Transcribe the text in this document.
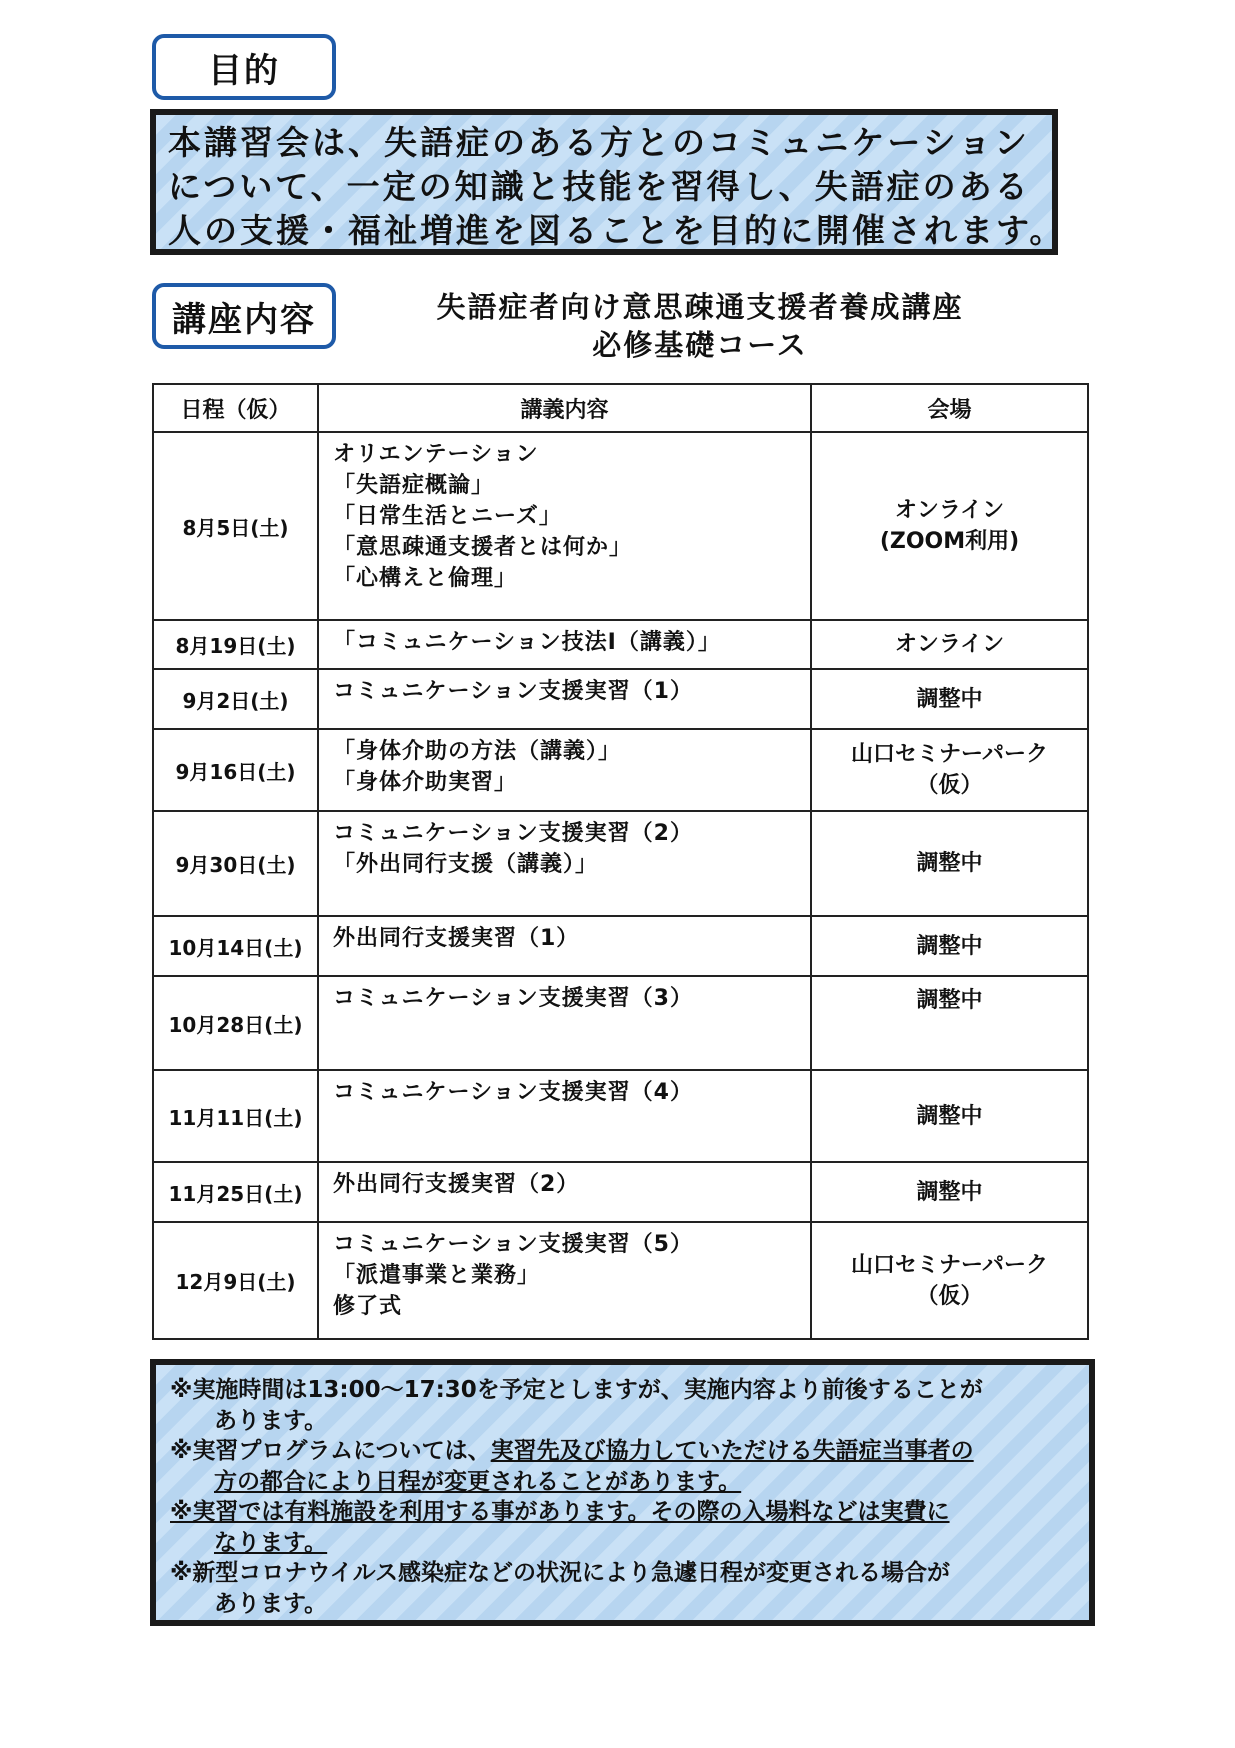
目的
本講習会は、失語症のある方とのコミュニケーション
について、一定の知識と技能を習得し、失語症のある
人の支援・福祉増進を図ることを目的に開催されます。
講座内容	失語症者向け意思疎通支援者養成講座
必修基礎コース
日程（仮）	講義内容	会場
8月5日(土)	オリエンテーション
「失語症概論」
「日常生活とニーズ」
「意思疎通支援者とは何か」
「心構えと倫理」	オンライン
(ZOOM利用)

8月19日(土)	「コミュニケーション技法Ⅰ（講義）」	オンライン

9月2日(土)	コミュニケーション支援実習（1）	調整中

9月16日(土)	「身体介助の方法（講義）」
「身体介助実習」	山口セミナーパーク
（仮）

9月30日(土)	コミュニケーション支援実習（2）
「外出同行支援（講義）」	調整中

10月14日(土)	外出同行支援実習（1）	調整中

10月28日(土)	コミュニケーション支援実習（3）	調整中

11月11日(土)	コミュニケーション支援実習（4）	調整中

11月25日(土)	外出同行支援実習（2）	調整中

12月9日(土)	コミュニケーション支援実習（5）
「派遣事業と業務」
修了式	山口セミナーパーク
（仮）
※実施時間は13:00～17:30を予定としますが、実施内容より前後することが
あります。
※実習プログラムについては、実習先及び協力していただける失語症当事者の
方の都合により日程が変更されることがあります。
※実習では有料施設を利用する事があります。その際の入場料などは実費に
なります。
※新型コロナウイルス感染症などの状況により急遽日程が変更される場合が
あります。
